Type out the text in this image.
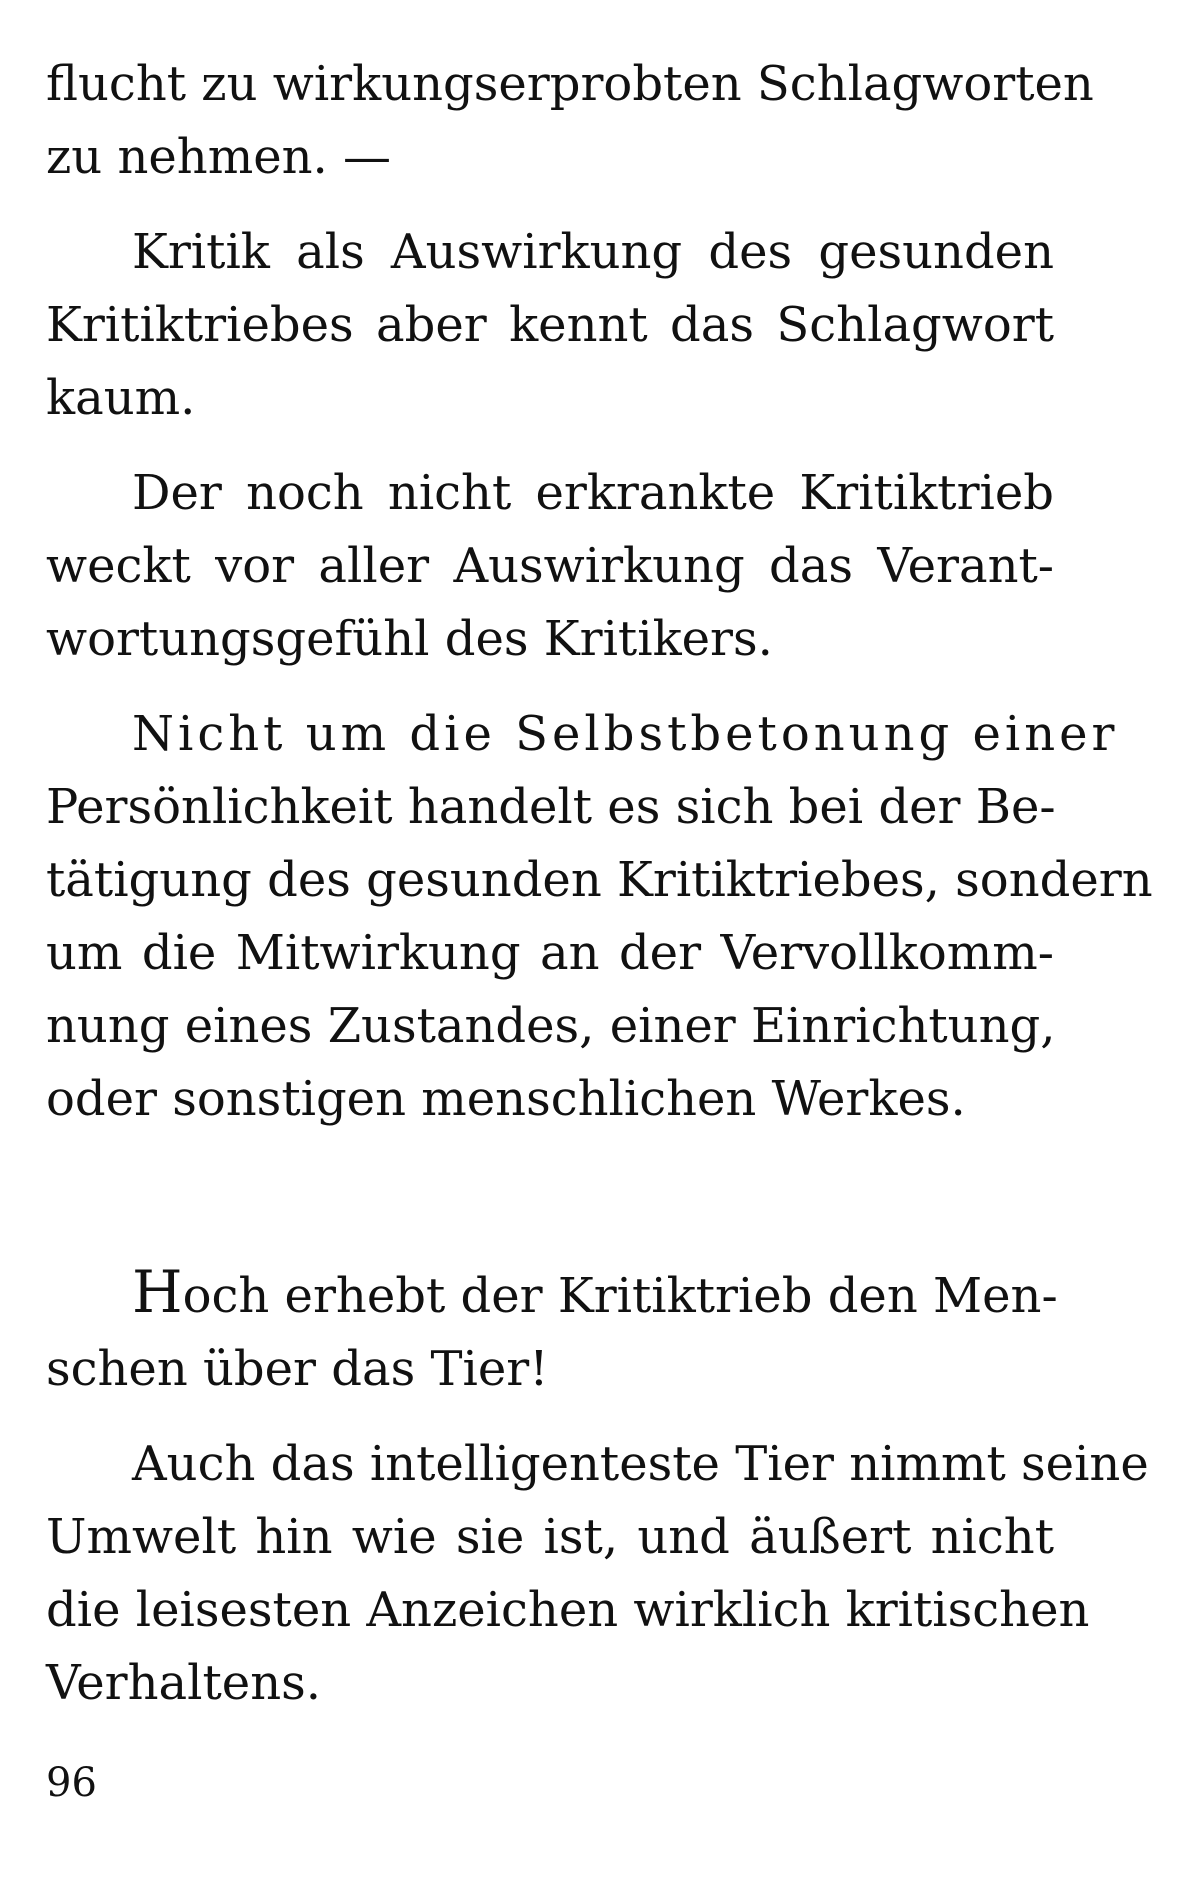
flucht zu wirkungserprobten Schlagworten
zu nehmen. —
Kritik als Auswirkung des gesunden
Kritiktriebes aber kennt das Schlagwort
kaum.
Der noch nicht erkrankte Kritiktrieb
weckt vor aller Auswirkung das Verant-
wortungsgefühl des Kritikers.
Nicht um die Selbstbetonung einer
Persönlichkeit handelt es sich bei der Be-
tätigung des gesunden Kritiktriebes, sondern
um die Mitwirkung an der Vervollkomm-
nung eines Zustandes, einer Einrichtung,
oder sonstigen menschlichen Werkes.
Hoch erhebt der Kritiktrieb den Men-
schen über das Tier!
Auch das intelligenteste Tier nimmt seine
Umwelt hin wie sie ist, und äußert nicht
die leisesten Anzeichen wirklich kritischen
Verhaltens.
96
